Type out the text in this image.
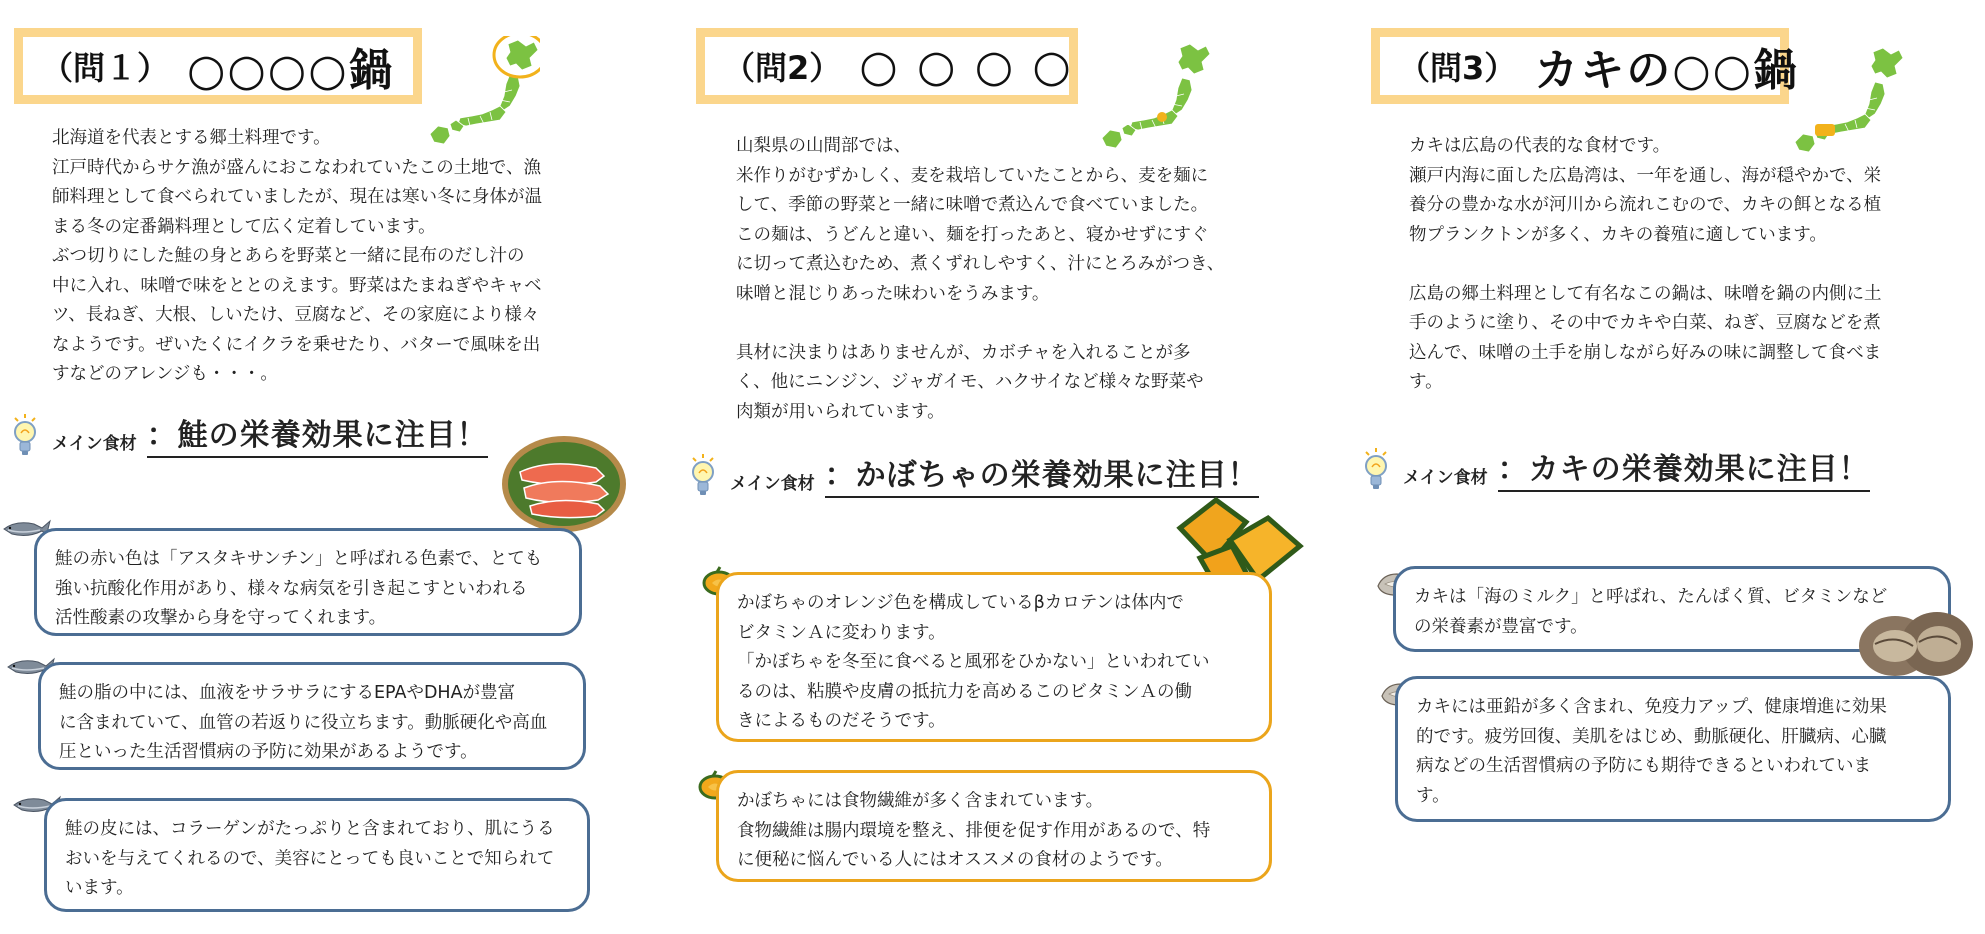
（問１） ○○○○鍋

北海道を代表とする郷土料理です。
江戸時代からサケ漁が盛んにおこなわれていたこの土地で、漁
師料理として食べられていましたが、現在は寒い冬に身体が温
まる冬の定番鍋料理として広く定着しています。
ぶつ切りにした鮭の身とあらを野菜と一緒に昆布のだし汁の
中に入れ、味噌で味をととのえます。野菜はたまねぎやキャベ
ツ、長ねぎ、大根、しいたけ、豆腐など、その家庭により様々
なようです。ぜいたくにイクラを乗せたり、バターで風味を出
すなどのアレンジも・・・。

メイン食材 ：鮭の栄養効果に注目！
鮭の赤い色は「アスタキサンチン」と呼ばれる色素で、とても
強い抗酸化作用があり、様々な病気を引き起こすといわれる
活性酸素の攻撃から身を守ってくれます。
鮭の脂の中には、血液をサラサラにするEPAやDHAが豊富
に含まれていて、血管の若返りに役立ちます。動脈硬化や高血
圧といった生活習慣病の予防に効果があるようです。
鮭の皮には、コラーゲンがたっぷりと含まれており、肌にうる
おいを与えてくれるので、美容にとっても良いことで知られて
います。
（問2） ○ ○ ○ ○

山梨県の山間部では、
米作りがむずかしく、麦を栽培していたことから、麦を麺に
して、季節の野菜と一緒に味噌で煮込んで食べていました。
この麺は、うどんと違い、麺を打ったあと、寝かせずにすぐ
に切って煮込むため、煮くずれしやすく、汁にとろみがつき、
味噌と混じりあった味わいをうみます。

具材に決まりはありませんが、カボチャを入れることが多
く、他にニンジン、ジャガイモ、ハクサイなど様々な野菜や
肉類が用いられています。

メイン食材 ：かぼちゃの栄養効果に注目！
かぼちゃのオレンジ色を構成しているβカロテンは体内で
ビタミンＡに変わります。
「かぼちゃを冬至に食べると風邪をひかない」といわれてい
るのは、粘膜や皮膚の抵抗力を高めるこのビタミンＡの働
きによるものだそうです。
かぼちゃには食物繊維が多く含まれています。
食物繊維は腸内環境を整え、排便を促す作用があるので、特
に便秘に悩んでいる人にはオススメの食材のようです。
（問3） カキの○○鍋

カキは広島の代表的な食材です。
瀬戸内海に面した広島湾は、一年を通し、海が穏やかで、栄
養分の豊かな水が河川から流れこむので、カキの餌となる植
物プランクトンが多く、カキの養殖に適しています。

広島の郷土料理として有名なこの鍋は、味噌を鍋の内側に土
手のように塗り、その中でカキや白菜、ねぎ、豆腐などを煮
込んで、味噌の土手を崩しながら好みの味に調整して食べま
す。

メイン食材 ：カキの栄養効果に注目！
カキは「海のミルク」と呼ばれ、たんぱく質、ビタミンなど
の栄養素が豊富です。
カキには亜鉛が多く含まれ、免疫力アップ、健康増進に効果
的です。疲労回復、美肌をはじめ、動脈硬化、肝臓病、心臓
病などの生活習慣病の予防にも期待できるといわれていま
す。
